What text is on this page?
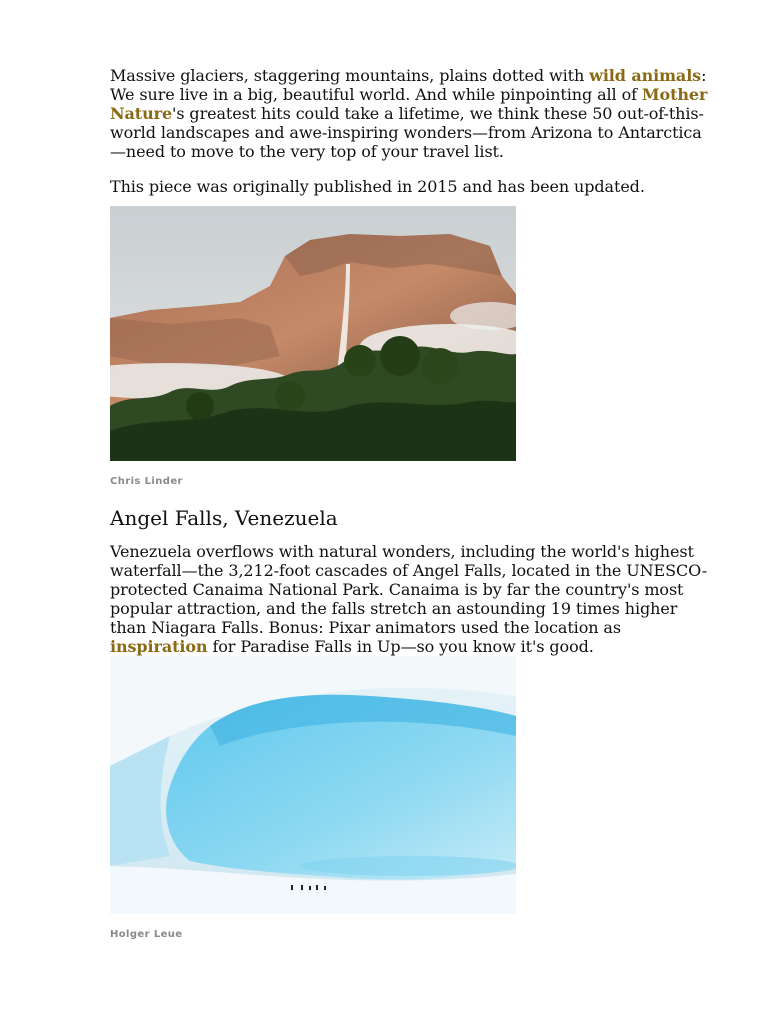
Massive glaciers, staggering mountains, plains dotted with wild animals: We sure live in a big, beautiful world. And while pinpointing all of Mother Nature's greatest hits could take a lifetime, we think these 50 out-of-this-world landscapes and awe-inspiring wonders—from Arizona to Antarctica—need to move to the very top of your travel list.

This piece was originally published in 2015 and has been updated.

Chris Linder
Angel Falls, Venezuela

Venezuela overflows with natural wonders, including the world's highest waterfall—the 3,212-foot cascades of Angel Falls, located in the UNESCO-protected Canaima National Park. Canaima is by far the country's most popular attraction, and the falls stretch an astounding 19 times higher than Niagara Falls. Bonus: Pixar animators used the location as inspiration for Paradise Falls in Up—so you know it's good.

Holger Leue
